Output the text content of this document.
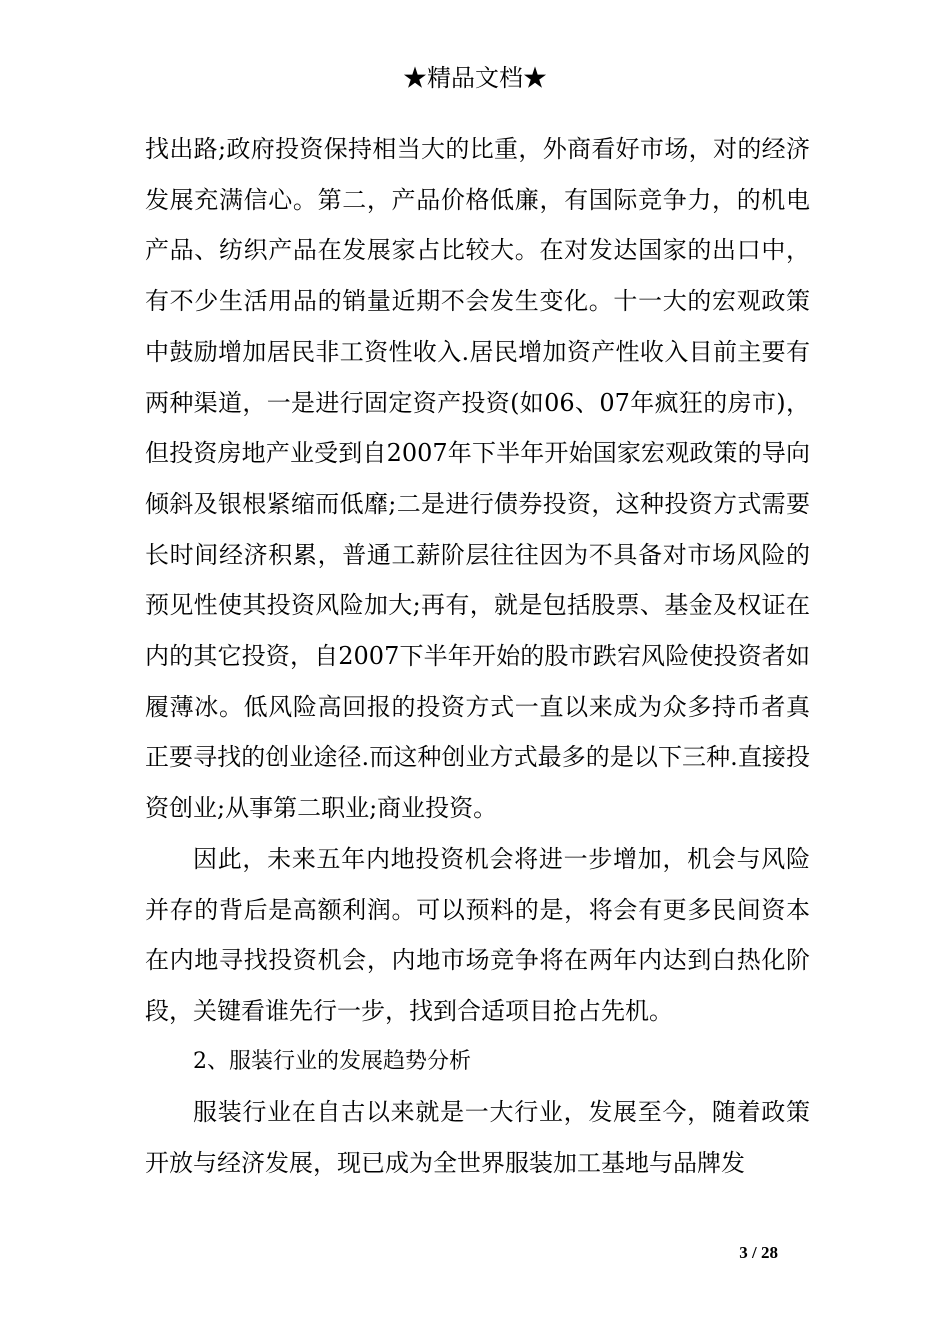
★精品文档★

找出路;政府投资保持相当大的比重，外商看好市场，对的经济发展充满信心。第二，产品价格低廉，有国际竞争力，的机电产品、纺织产品在发展家占比较大。在对发达国家的出口中，有不少生活用品的销量近期不会发生变化。十一大的宏观政策中鼓励增加居民非工资性收入.居民增加资产性收入目前主要有两种渠道，一是进行固定资产投资(如06、07年疯狂的房市)，但投资房地产业受到自2007年下半年开始国家宏观政策的导向倾斜及银根紧缩而低靡;二是进行债券投资，这种投资方式需要长时间经济积累，普通工薪阶层往往因为不具备对市场风险的预见性使其投资风险加大;再有，就是包括股票、基金及权证在内的其它投资，自2007下半年开始的股市跌宕风险使投资者如履薄冰。低风险高回报的投资方式一直以来成为众多持币者真正要寻找的创业途径.而这种创业方式最多的是以下三种.直接投资创业;从事第二职业;商业投资。

因此，未来五年内地投资机会将进一步增加，机会与风险并存的背后是高额利润。可以预料的是，将会有更多民间资本在内地寻找投资机会，内地市场竞争将在两年内达到白热化阶段，关键看谁先行一步，找到合适项目抢占先机。

2、服装行业的发展趋势分析

服装行业在自古以来就是一大行业，发展至今，随着政策开放与经济发展，现已成为全世界服装加工基地与品牌发

3 / 28
